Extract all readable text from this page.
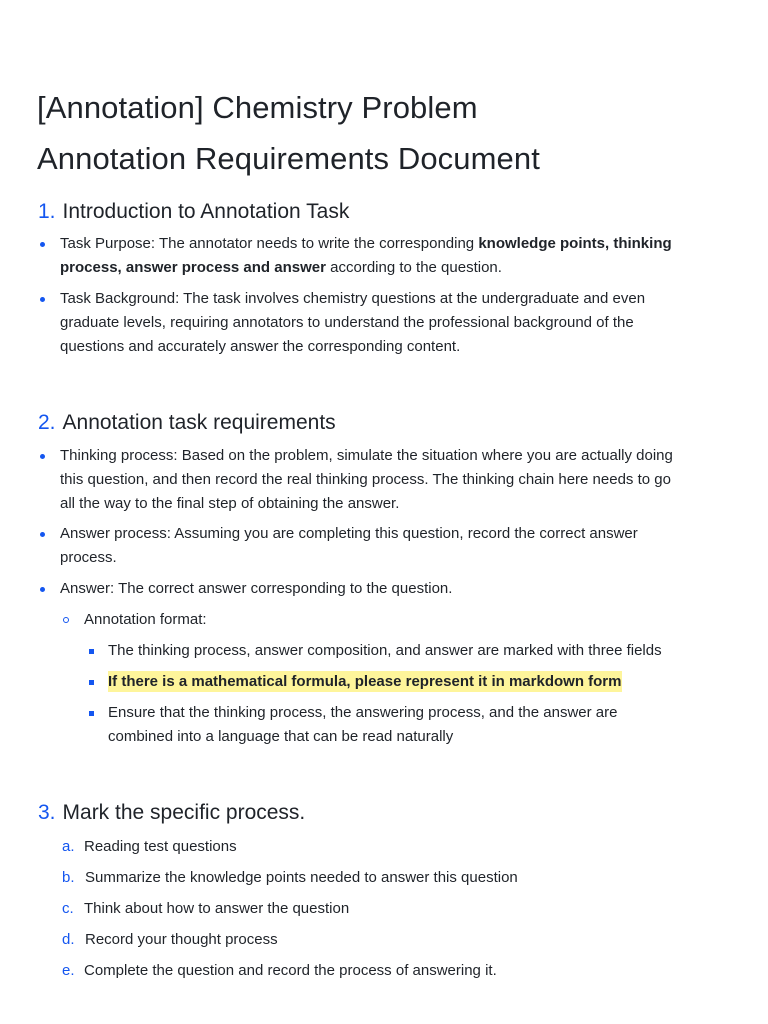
[Annotation] Chemistry Problem
Annotation Requirements Document
1. Introduction to Annotation Task
Task Purpose: The annotator needs to write the corresponding knowledge points, thinking
process, answer process and answer according to the question.
Task Background: The task involves chemistry questions at the undergraduate and even
graduate levels, requiring annotators to understand the professional background of the
questions and accurately answer the corresponding content.
2. Annotation task requirements
Thinking process: Based on the problem, simulate the situation where you are actually doing
this question, and then record the real thinking process. The thinking chain here needs to go
all the way to the final step of obtaining the answer.
Answer process: Assuming you are completing this question, record the correct answer
process.
Answer: The correct answer corresponding to the question.
Annotation format:
The thinking process, answer composition, and answer are marked with three fields
If there is a mathematical formula, please represent it in markdown form
Ensure that the thinking process, the answering process, and the answer are
combined into a language that can be read naturally
3. Mark the specific process.
a. Reading test questions
b. Summarize the knowledge points needed to answer this question
c. Think about how to answer the question
d. Record your thought process
e. Complete the question and record the process of answering it.
